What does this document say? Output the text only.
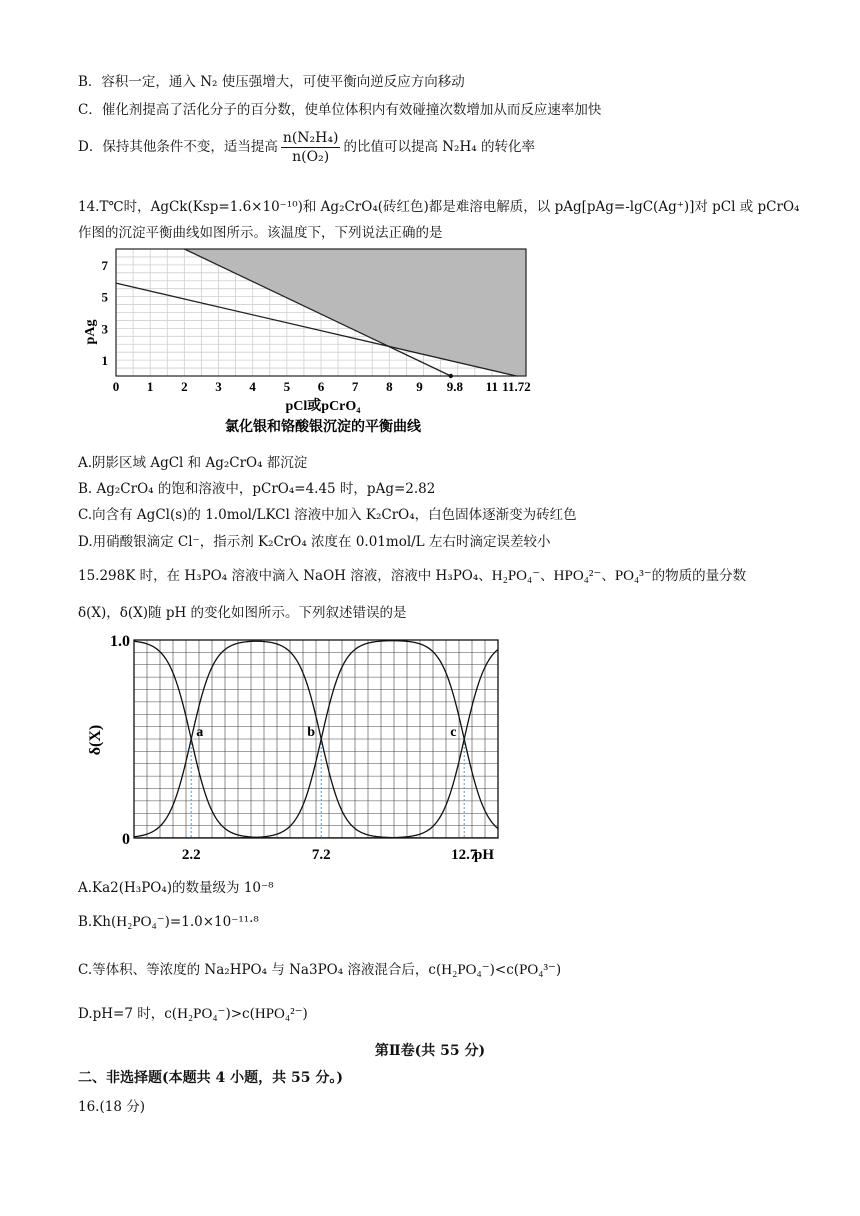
B．容积一定，通入 N₂ 使压强增大，可使平衡向逆反应方向移动
C．催化剂提高了活化分子的百分数，使单位体积内有效碰撞次数增加从而反应速率加快
D．保持其他条件不变，适当提高 $\frac{\text{n(N₂H₄)}}{\text{n(O₂)}}$ 的比值可以提高 N₂H₄ 的转化率
14.T℃时，AgCk(Ksp=1.6×10⁻¹⁰)和 Ag₂CrO₄(砖红色)都是难溶电解质，以 pAg[pAg=-lgC(Ag⁺)]对 pCl 或 pCrO₄
作图的沉淀平衡曲线如图所示。该温度下，下列说法正确的是
0 1 2 3 4 5 6 7 8 9 9.8 11 11.72
1
3
5
7
pAg
pCl或pCrO₄
氯化银和铬酸银沉淀的平衡曲线
A.阴影区域 AgCl 和 Ag₂CrO₄ 都沉淀
B. Ag₂CrO₄ 的饱和溶液中，pCrO₄=4.45 时，pAg=2.82
C.向含有 AgCl(s)的 1.0mol/LKCl 溶液中加入 K₂CrO₄，白色固体逐渐变为砖红色
D.用硝酸银滴定 Cl⁻，指示剂 K₂CrO₄ 浓度在 0.01mol/L 左右时滴定误差较小
15.298K 时，在 H₃PO₄ 溶液中滴入 NaOH 溶液，溶液中 H₃PO₄、H₂PO₄⁻、HPO₄²⁻、PO₄³⁻的物质的量分数
δ(X)，δ(X)随 pH 的变化如图所示。下列叙述错误的是
a	b	c
1.0
0
δ(X)
2.2	7.2	12.7
pH
A.Ka2(H₃PO₄)的数量级为 10⁻⁸
B.Kh(H₂PO₄⁻)=1.0×10⁻¹¹·⁸
C.等体积、等浓度的 Na₂HPO₄ 与 Na3PO₄ 溶液混合后，c(H₂PO₄⁻)<c(PO₄³⁻)
D.pH=7 时，c(H₂PO₄⁻)>c(HPO₄²⁻)
第Ⅱ卷(共 55 分)
二、非选择题(本题共 4 小题，共 55 分。)
16.(18 分)
